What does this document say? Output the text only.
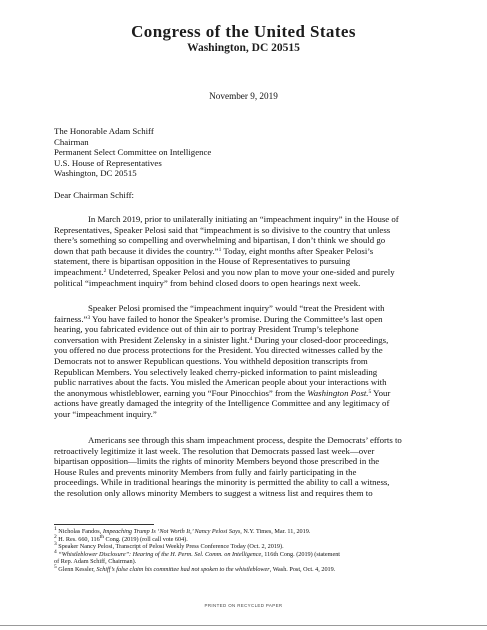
Congress of the United States
Washington, DC 20515
November 9, 2019
The Honorable Adam Schiff
Chairman
Permanent Select Committee on Intelligence
U.S. House of Representatives
Washington, DC 20515
Dear Chairman Schiff:
In March 2019, prior to unilaterally initiating an “impeachment inquiry” in the House of
Representatives, Speaker Pelosi said that “impeachment is so divisive to the country that unless
there’s something so compelling and overwhelming and bipartisan, I don’t think we should go
down that path because it divides the country.”$^1$ Today, eight months after Speaker Pelosi’s
statement, there is bipartisan opposition in the House of Representatives to pursuing
impeachment.$^2$ Undeterred, Speaker Pelosi and you now plan to move your one-sided and purely
political “impeachment inquiry” from behind closed doors to open hearings next week.
Speaker Pelosi promised the “impeachment inquiry” would “treat the President with
fairness.”$^3$ You have failed to honor the Speaker’s promise. During the Committee’s last open
hearing, you fabricated evidence out of thin air to portray President Trump’s telephone
conversation with President Zelensky in a sinister light.$^4$ During your closed-door proceedings,
you offered no due process protections for the President. You directed witnesses called by the
Democrats not to answer Republican questions. You withheld deposition transcripts from
Republican Members. You selectively leaked cherry-picked information to paint misleading
public narratives about the facts. You misled the American people about your interactions with
the anonymous whistleblower, earning you “Four Pinocchios” from the Washington Post.$^5$ Your
actions have greatly damaged the integrity of the Intelligence Committee and any legitimacy of
your “impeachment inquiry.”
Americans see through this sham impeachment process, despite the Democrats’ efforts to
retroactively legitimize it last week. The resolution that Democrats passed last week—over
bipartisan opposition—limits the rights of minority Members beyond those prescribed in the
House Rules and prevents minority Members from fully and fairly participating in the
proceedings. While in traditional hearings the minority is permitted the ability to call a witness,
the resolution only allows minority Members to suggest a witness list and requires them to
$^1$ Nicholas Fandos, Impeaching Trump Is ‘Not Worth It,’ Nancy Pelosi Says, N.Y. Times, Mar. 11, 2019.
$^2$ H. Res. 660, 116th Cong. (2019) (roll call vote 604).
$^3$ Speaker Nancy Pelosi, Transcript of Pelosi Weekly Press Conference Today (Oct. 2, 2019).
$^4$ “Whistleblower Disclosure”: Hearing of the H. Perm. Sel. Comm. on Intelligence, 116th Cong. (2019) (statement
of Rep. Adam Schiff, Chairman).
$^5$ Glenn Kessler, Schiff’s false claim his committee had not spoken to the whistleblower, Wash. Post, Oct. 4, 2019.
PRINTED ON RECYCLED PAPER
